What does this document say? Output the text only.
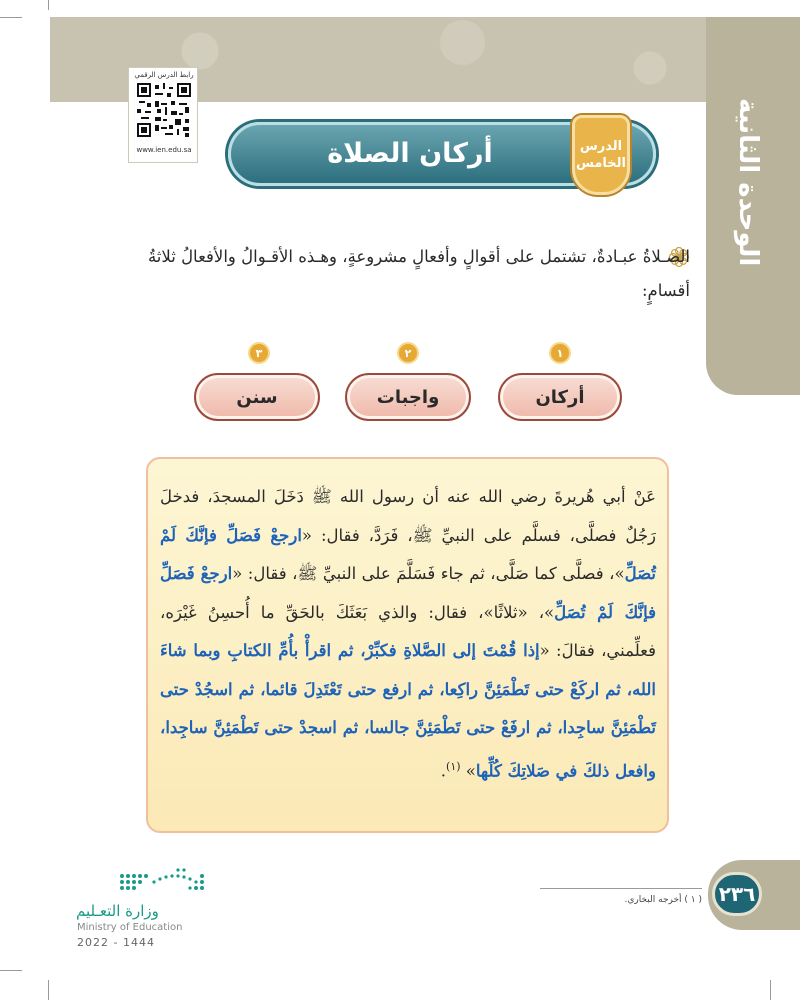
الوحدة الثانية
رابط الدرس الرقمي
www.ien.edu.sa	أركان الصلاة	الدرس
الخامس
الصـلاةُ عبـادةٌ، تشتمل على أقوالٍ وأفعالٍ مشروعةٍ، وهـذه الأقـوالُ والأفعالُ ثلاثةُ أقسامٍ:
١
أركان
٢
واجبات
٣
سنن
عَنْ أبي هُريرةَ رضي الله عنه أن رسول الله ﷺ دَخَلَ المسجدَ، فدخلَ رَجُلٌ فصلَّى، فسلَّم على النبيِّ ﷺ، فَرَدَّ، فقال: «ارجعْ فَصَلِّ فإنَّكَ لَمْ تُصَلِّ»، فصلَّى كما صَلَّى، ثم جاء فَسَلَّمَ على النبيِّ ﷺ، فقال: «ارجعْ فَصَلِّ فإنَّكَ لَمْ تُصَلِّ»، «ثلاثًا»، فقال: والذي بَعَثَكَ بالحَقِّ ما أُحسِنُ غَيْرَه، فعلِّمني، فقالَ: «إذا قُمْتَ إلى الصَّلاةِ فكبِّرْ، ثم اقرأْ بأُمِّ الكتابِ وبما شاءَ الله، ثم اركَعْ حتى تَطْمَئِنَّ راكِعا، ثم ارفع حتى تَعْتَدِلَ قائما، ثم اسجُدْ حتى تَطْمَئِنَّ ساجِدا، ثم ارفَعْ حتى تَطْمَئِنَّ جالسا، ثم اسجدْ حتى تَطْمَئِنَّ ساجِدا، وافعل ذلكَ في صَلاتِكَ كُلِّها» $^{(١)}$.
( ١ ) أخرجه البخاري. ٢٣٦
وزارة التعـليم
Ministry of Education
2022 - 1444
